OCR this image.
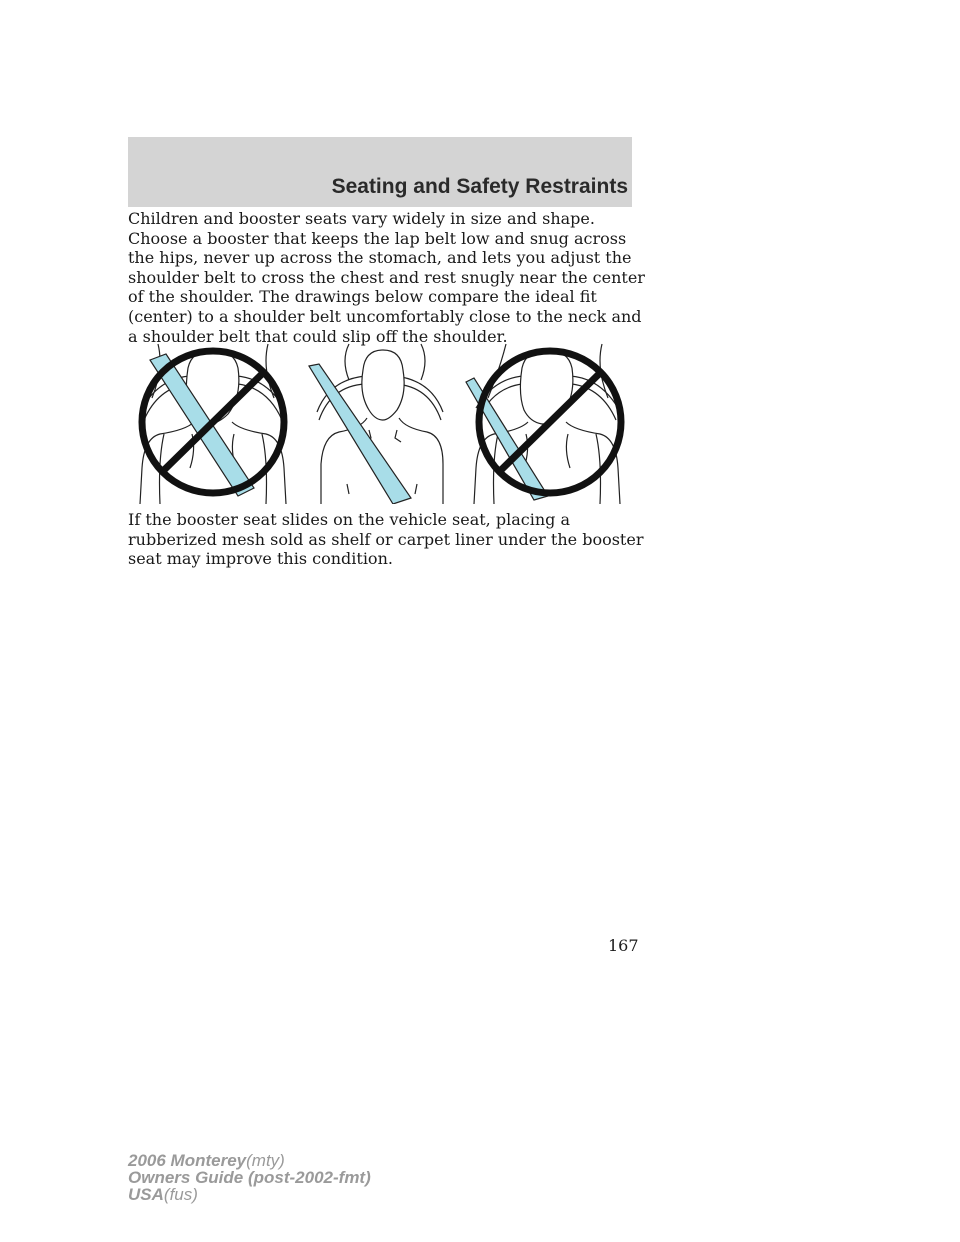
Seating and Safety Restraints

Children and booster seats vary widely in size and shape. Choose a booster that keeps the lap belt low and snug across the hips, never up across the stomach, and lets you adjust the shoulder belt to cross the chest and rest snugly near the center of the shoulder. The drawings below compare the ideal fit (center) to a shoulder belt uncomfortably close to the neck and a shoulder belt that could slip off the shoulder.

If the booster seat slides on the vehicle seat, placing a rubberized mesh sold as shelf or carpet liner under the booster seat may improve this condition.

167
2006 Monterey(mty)
Owners Guide (post-2002-fmt)
USA(fus)
